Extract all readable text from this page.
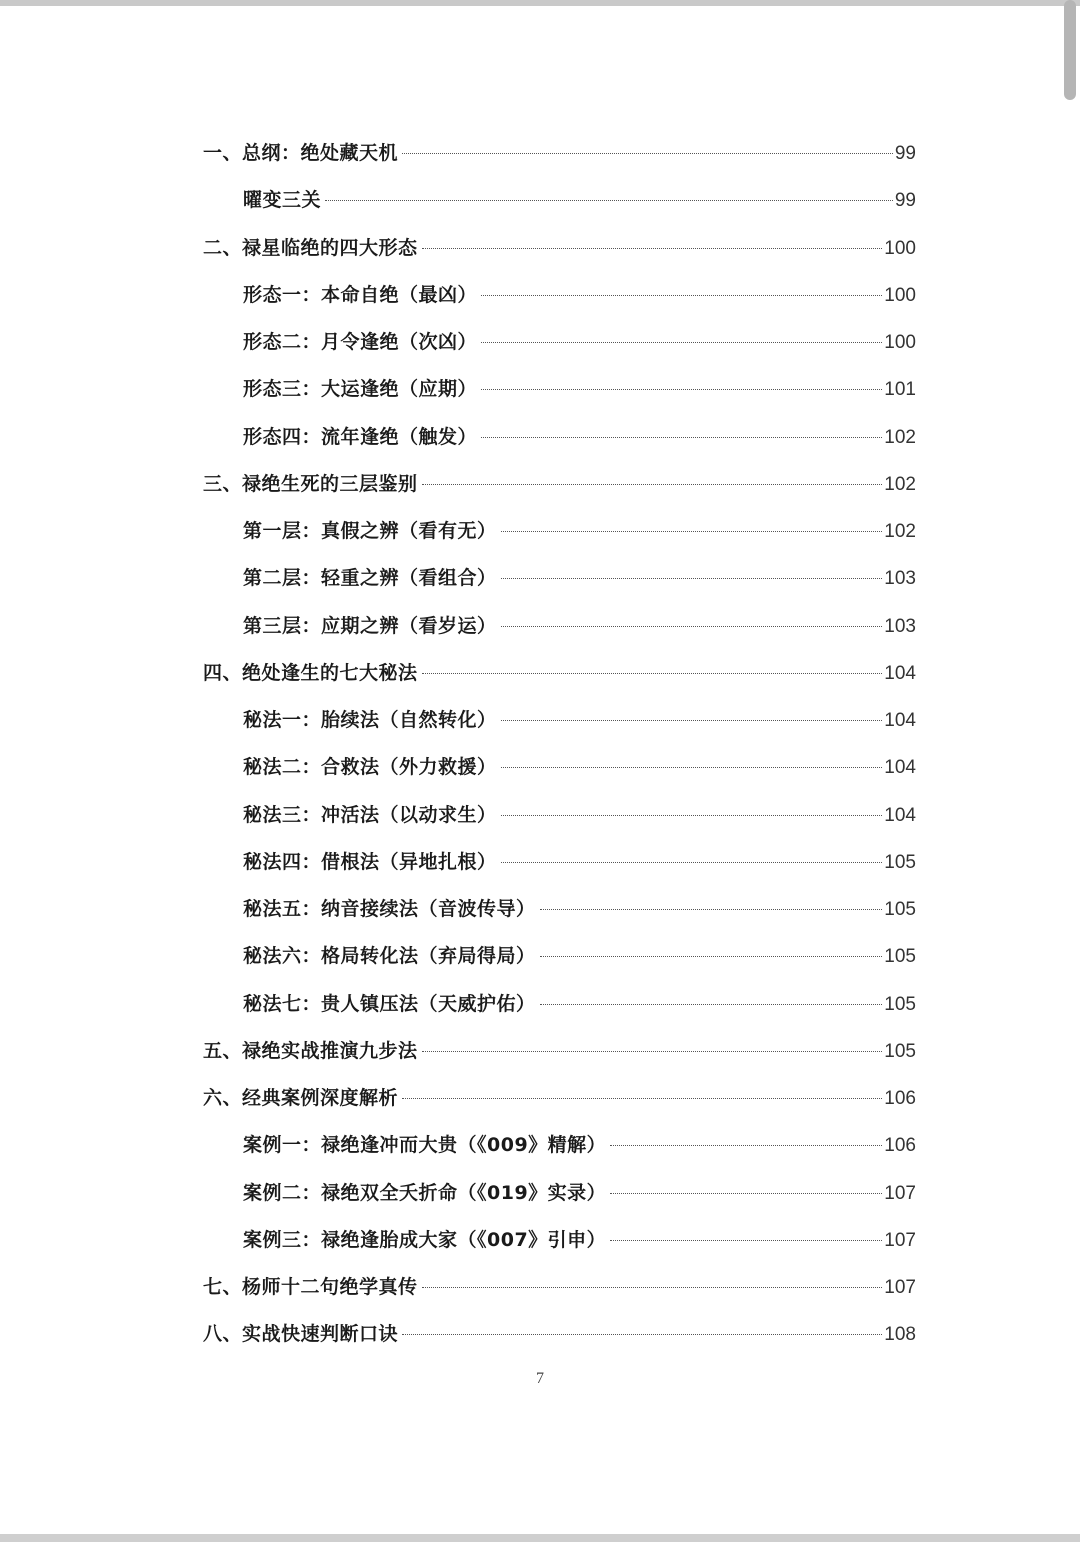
一、总纲：绝处藏天机	99
曜变三关	99
二、禄星临绝的四大形态	100
形态一：本命自绝（最凶）	100
形态二：月令逢绝（次凶）	100
形态三：大运逢绝（应期）	101
形态四：流年逢绝（触发）	102
三、禄绝生死的三层鉴别	102
第一层：真假之辨（看有无）	102
第二层：轻重之辨（看组合）	103
第三层：应期之辨（看岁运）	103
四、绝处逢生的七大秘法	104
秘法一：胎续法（自然转化）	104
秘法二：合救法（外力救援）	104
秘法三：冲活法（以动求生）	104
秘法四：借根法（异地扎根）	105
秘法五：纳音接续法（音波传导）	105
秘法六：格局转化法（弃局得局）	105
秘法七：贵人镇压法（天威护佑）	105
五、禄绝实战推演九步法	105
六、经典案例深度解析	106
案例一：禄绝逢冲而大贵（《009》精解）	106
案例二：禄绝双全夭折命（《019》实录）	107
案例三：禄绝逢胎成大家（《007》引申）	107
七、杨师十二句绝学真传	107
八、实战快速判断口诀	108
7
